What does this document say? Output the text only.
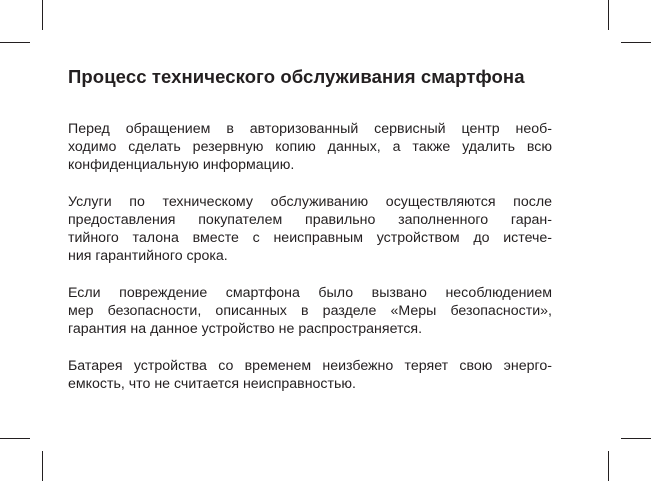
Процесс технического обслуживания смартфона
Перед обращением в авторизованный сервисный центр необ-
ходимо сделать резервную копию данных, а также удалить всю
конфиденциальную информацию.
Услуги по техническому обслуживанию осуществляются после
предоставления покупателем правильно заполненного гаран-
тийного талона вместе с неисправным устройством до истече-
ния гарантийного срока.
Если повреждение смартфона было вызвано несоблюдением
мер безопасности, описанных в разделе «Меры безопасности»,
гарантия на данное устройство не распространяется.
Батарея устройства со временем неизбежно теряет свою энерго-
емкость, что не считается неисправностью.
